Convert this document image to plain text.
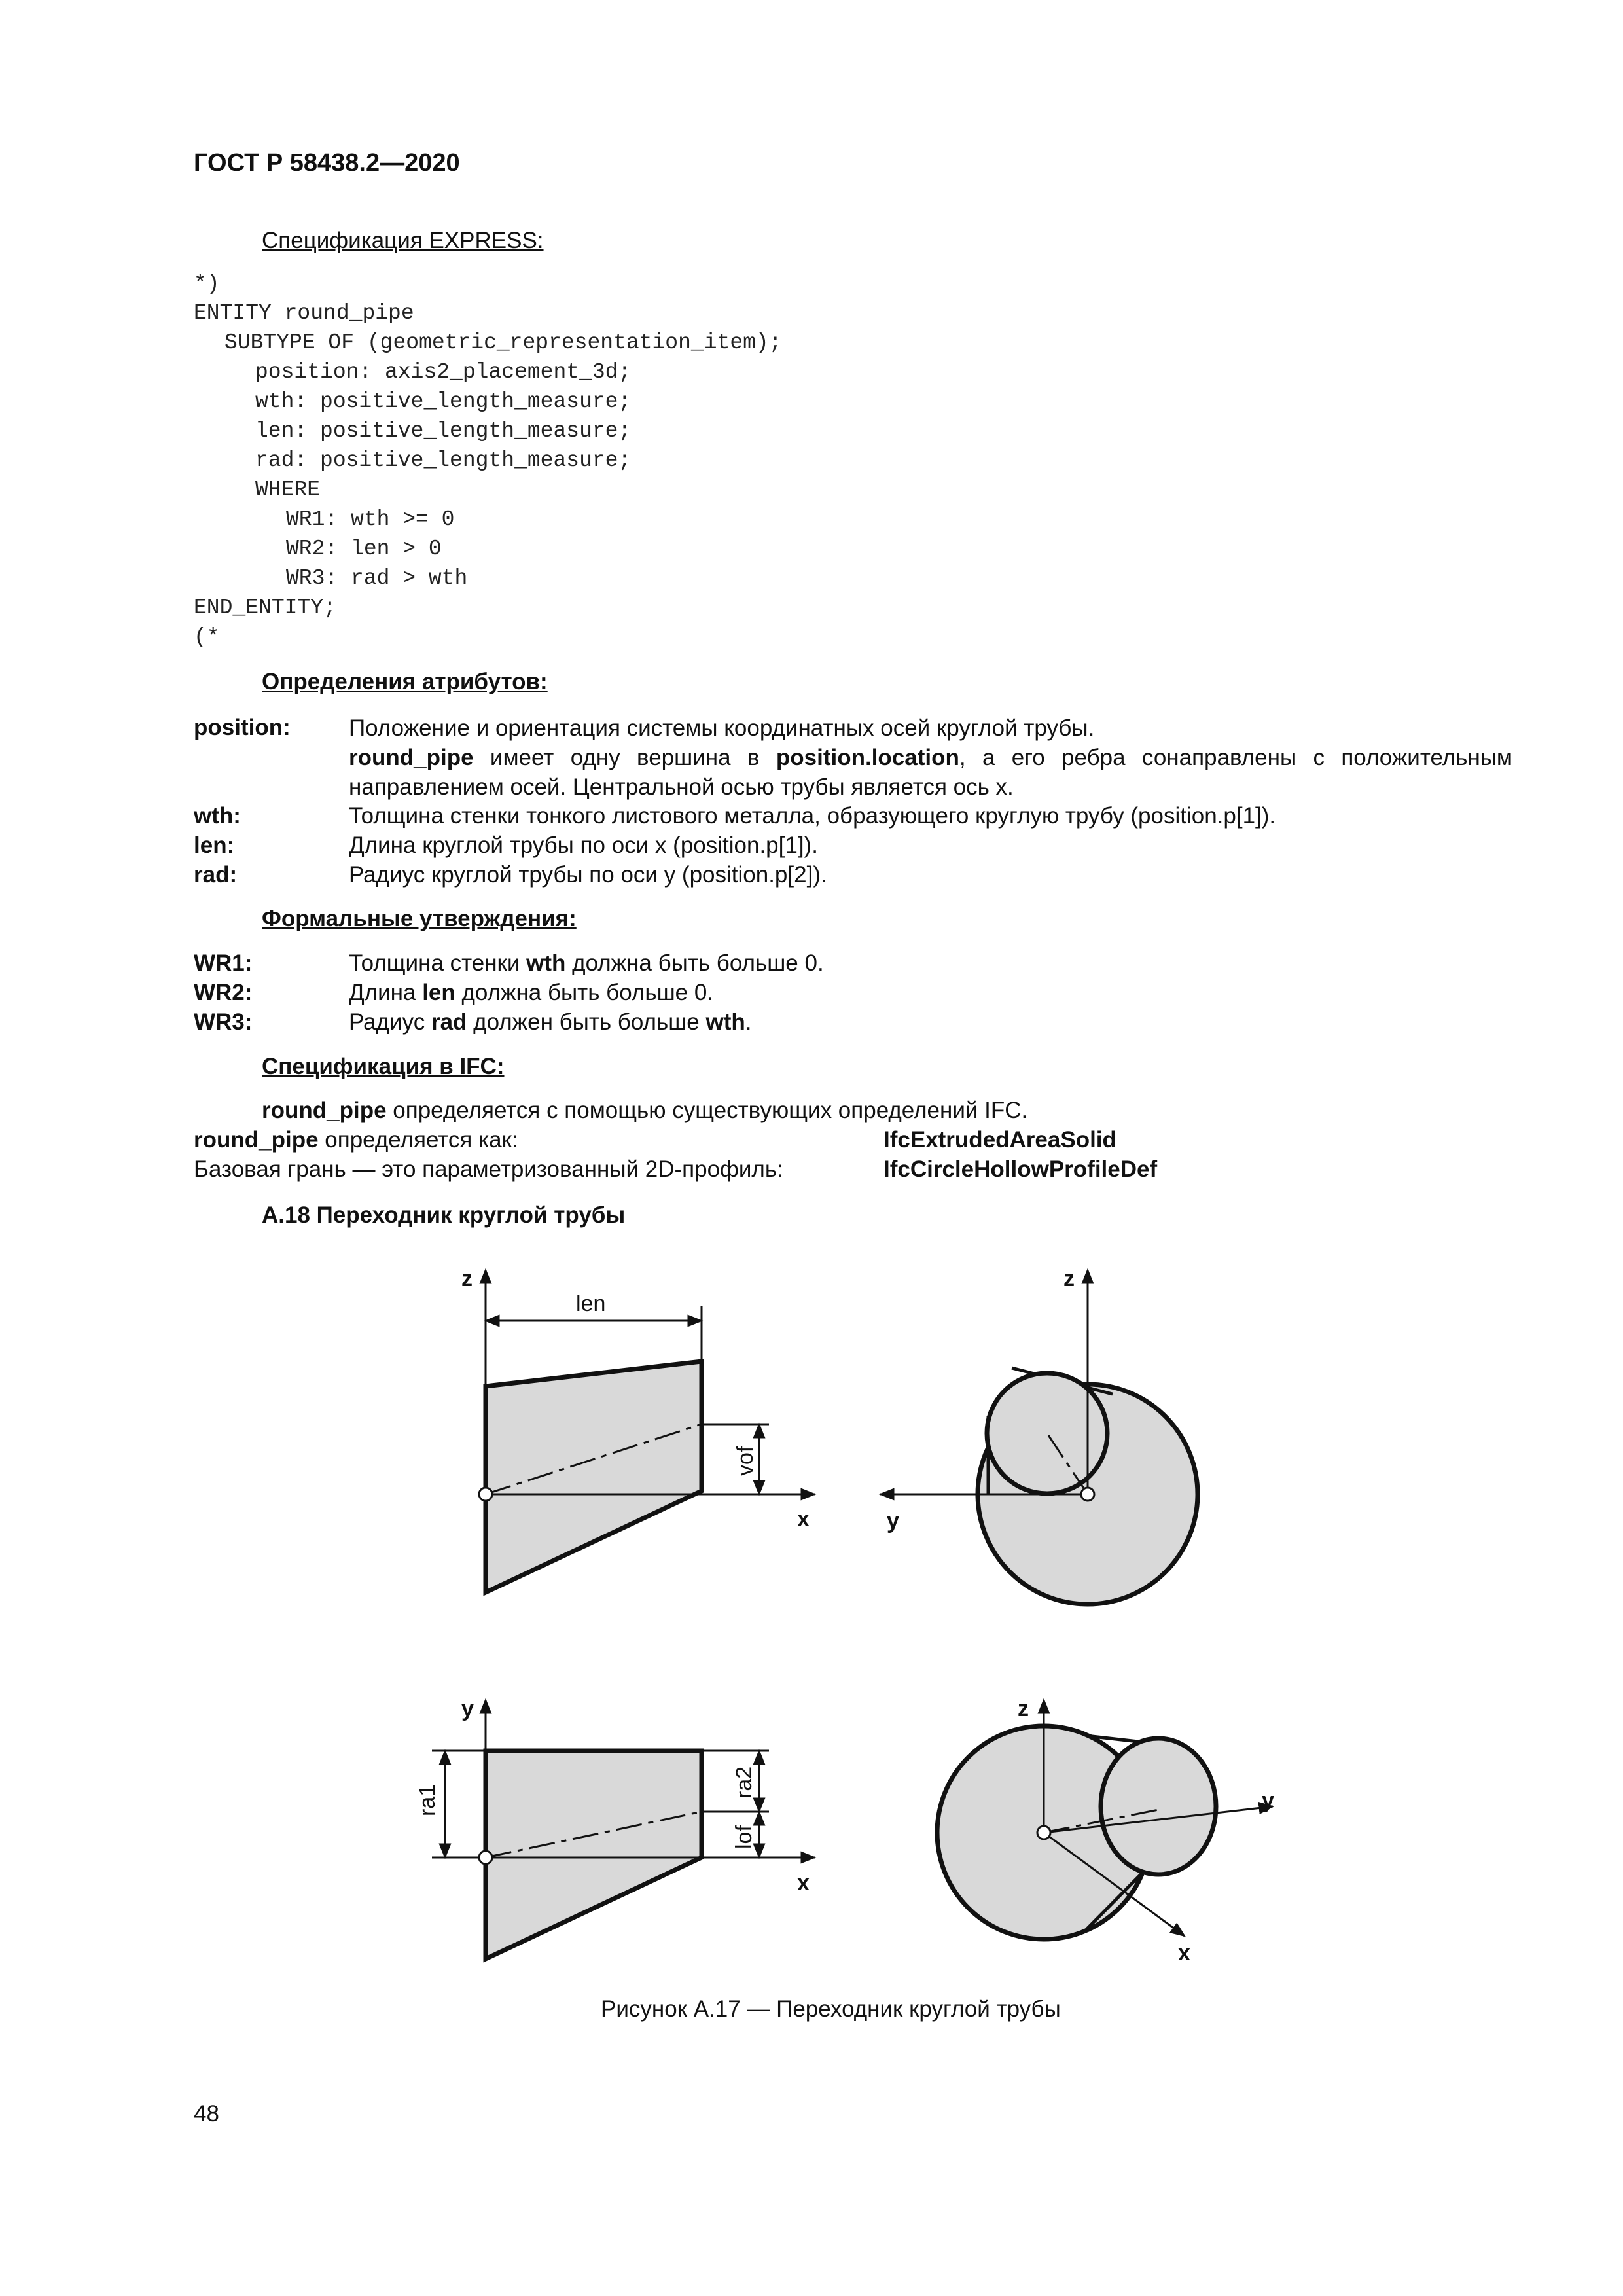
ГОСТ Р 58438.2—2020
Спецификация EXPRESS:
*)
ENTITY round_pipe
SUBTYPE OF (geometric_representation_item);
position: axis2_placement_3d;
wth: positive_length_measure;
len: positive_length_measure;
rad: positive_length_measure;
WHERE
WR1: wth >= 0
WR2: len > 0
WR3: rad > wth
END_ENTITY;
(*
Определения атрибутов:
position:	Положение и ориентация системы координатных осей круглой трубы.
round_pipe имеет одну вершина в position.location, а его ребра сонаправлены с положительным направлением осей. Центральной осью трубы является ось x.
wth:	Толщина стенки тонкого листового металла, образующего круглую трубу (position.p[1]).
len:	Длина круглой трубы по оси x (position.p[1]).
rad:	Радиус круглой трубы по оси y (position.p[2]).
Формальные утверждения:
WR1:	Толщина стенки wth должна быть больше 0.
WR2:	Длина len должна быть больше 0.
WR3:	Радиус rad должен быть больше wth.
Спецификация в IFC:
round_pipe определяется с помощью существующих определений IFC.
round_pipe определяется как:	IfcExtrudedAreaSolid
Базовая грань — это параметризованный 2D-профиль:	IfcCircleHollowProfileDef
А.18 Переходник круглой трубы
z
len
vof
x
z
y
y
ra1
ra2
lof
x
z
y
x
Рисунок А.17 — Переходник круглой трубы
48
